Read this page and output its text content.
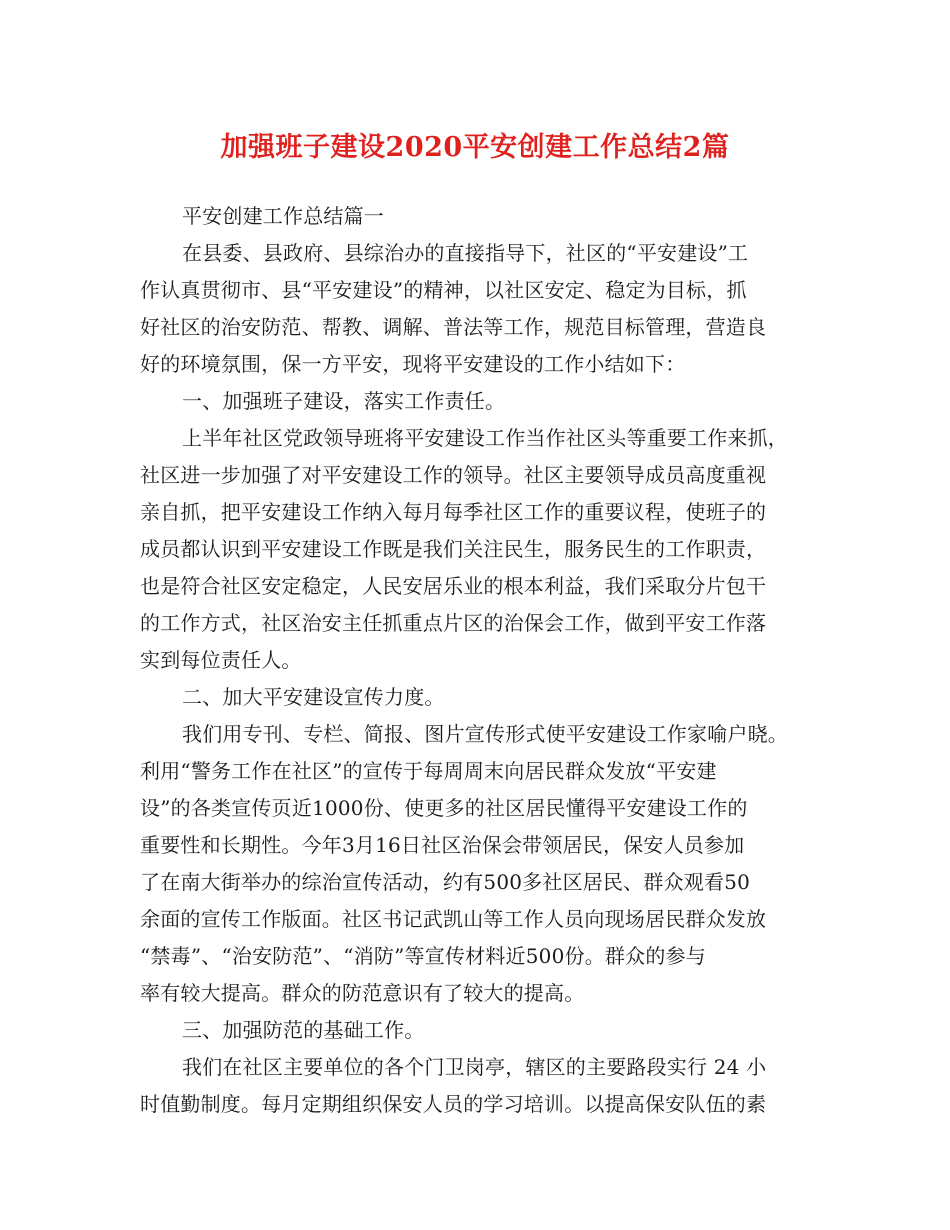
加强班子建设2020平安创建工作总结2篇
平安创建工作总结篇一
在县委、县政府、县综治办的直接指导下，社区的“平安建设”工
作认真贯彻市、县“平安建设”的精神，以社区安定、稳定为目标，抓
好社区的治安防范、帮教、调解、普法等工作，规范目标管理，营造良
好的环境氛围，保一方平安，现将平安建设的工作小结如下：
一、加强班子建设，落实工作责任。
上半年社区党政领导班将平安建设工作当作社区头等重要工作来抓，
社区进一步加强了对平安建设工作的领导。社区主要领导成员高度重视
亲自抓，把平安建设工作纳入每月每季社区工作的重要议程，使班子的
成员都认识到平安建设工作既是我们关注民生，服务民生的工作职责，
也是符合社区安定稳定，人民安居乐业的根本利益，我们采取分片包干
的工作方式，社区治安主任抓重点片区的治保会工作，做到平安工作落
实到每位责任人。
二、加大平安建设宣传力度。
我们用专刊、专栏、简报、图片宣传形式使平安建设工作家喻户晓。
利用“警务工作在社区”的宣传于每周周末向居民群众发放“平安建
设”的各类宣传页近1000份、使更多的社区居民懂得平安建设工作的
重要性和长期性。今年3月16日社区治保会带领居民，保安人员参加
了在南大街举办的综治宣传活动，约有500多社区居民、群众观看50
余面的宣传工作版面。社区书记武凯山等工作人员向现场居民群众发放
“禁毒”、“治安防范”、“消防”等宣传材料近500份。群众的参与
率有较大提高。群众的防范意识有了较大的提高。
三、加强防范的基础工作。
我们在社区主要单位的各个门卫岗亭，辖区的主要路段实行 24 小
时值勤制度。每月定期组织保安人员的学习培训。以提高保安队伍的素
